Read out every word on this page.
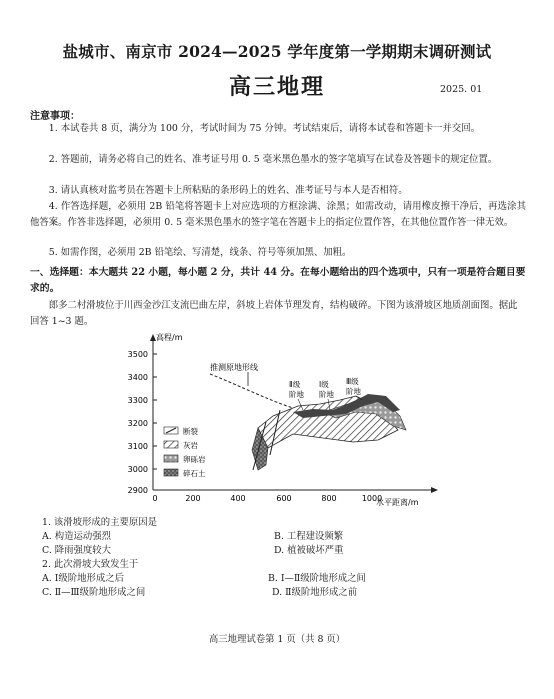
盐城市、南京市 2024—2025 学年度第一学期期末调研测试
高三地理	2025. 01
注意事项：
1. 本试卷共 8 页，满分为 100 分，考试时间为 75 分钟。考试结束后，请将本试卷和答题卡一并交回。
2. 答题前，请务必将自己的姓名、准考证号用 0. 5 毫米黑色墨水的签字笔填写在试卷及答题卡的规定位置。
3. 请认真核对监考员在答题卡上所粘贴的条形码上的姓名、准考证号与本人是否相符。
4. 作答选择题，必须用 2B 铅笔将答题卡上对应选项的方框涂满、涂黑；如需改动，请用橡皮擦干净后，再选涂其他答案。作答非选择题，必须用 0. 5 毫米黑色墨水的签字笔在答题卡上的指定位置作答，在其他位置作答一律无效。
5. 如需作图，必须用 2B 铅笔绘、写清楚，线条、符号等须加黑、加粗。
一、选择题：本大题共 22 小题，每小题 2 分，共计 44 分。在每小题给出的四个选项中，只有一项是符合题目要求的。
郎多二村滑坡位于川西金沙江支流巴曲左岸，斜坡上岩体节理发育，结构破碎。下图为该滑坡区地质剖面图。据此回答 1~3 题。
高程/m
水平距离/m
3500
3400
3300
3200
3100
3000
2900
0	200	400	600	800	1000
推测原地形线
Ⅱ级
阶地
Ⅰ级
阶地
Ⅲ级
阶地
断裂
灰岩
卵砾岩
碎石土
1. 该滑坡形成的主要原因是
A. 构造运动强烈	B. 工程建设频繁
C. 降雨强度较大	D. 植被破坏严重
2. 此次滑坡大致发生于
A. Ⅰ级阶地形成之后	B. Ⅰ—Ⅱ级阶地形成之间
C. Ⅱ—Ⅲ级阶地形成之间	D. Ⅱ级阶地形成之前
高三地理试卷第 1 页（共 8 页）
